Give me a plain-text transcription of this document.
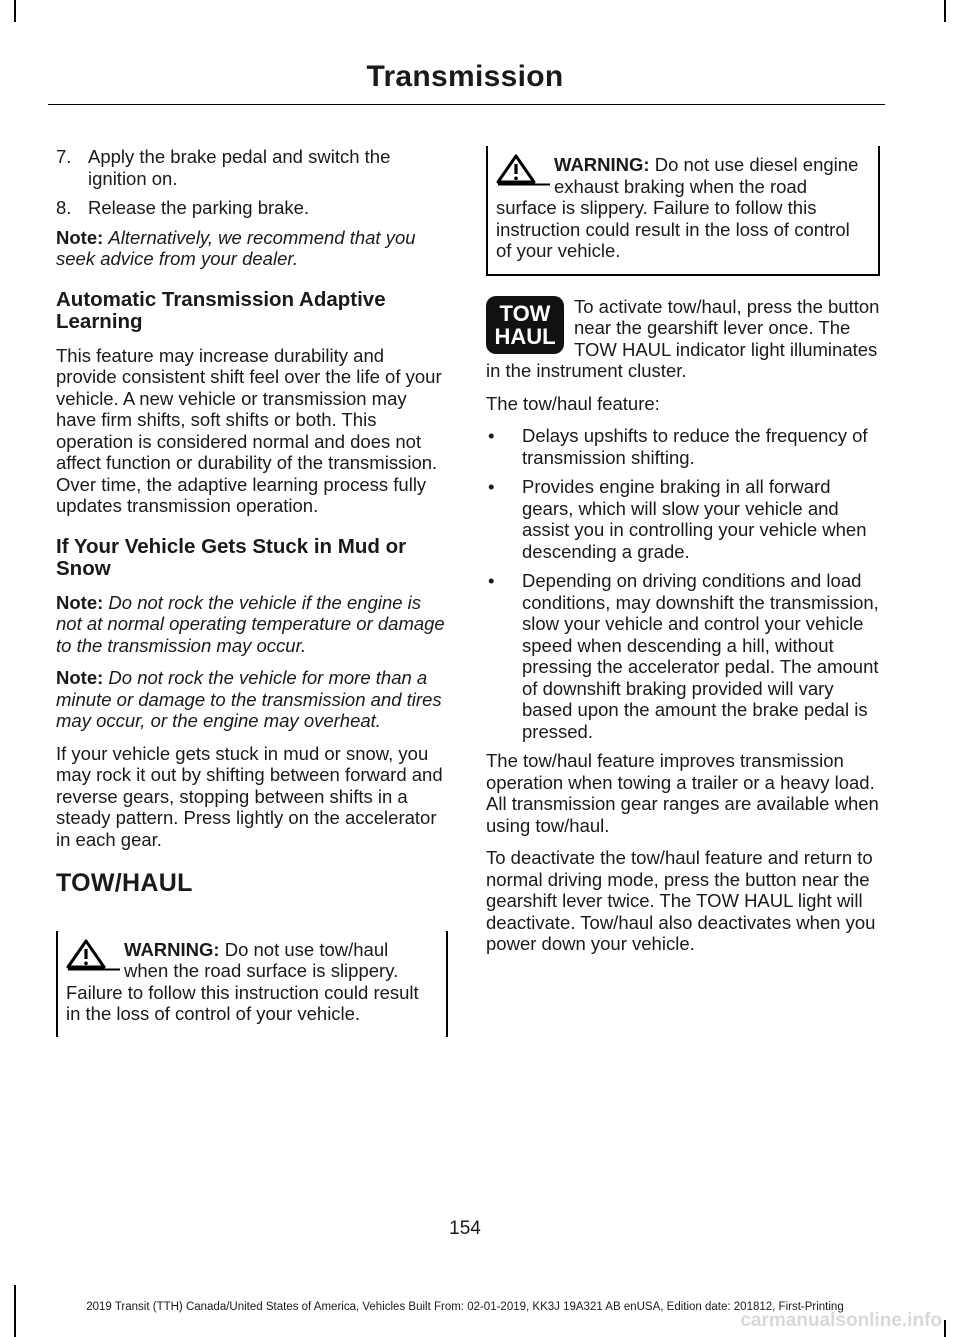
Transmission
7. Apply the brake pedal and switch the ignition on.
8. Release the parking brake.

Note: Alternatively, we recommend that you seek advice from your dealer.

Automatic Transmission Adaptive Learning

This feature may increase durability and provide consistent shift feel over the life of your vehicle. A new vehicle or transmission may have firm shifts, soft shifts or both. This operation is considered normal and does not affect function or durability of the transmission. Over time, the adaptive learning process fully updates transmission operation.

If Your Vehicle Gets Stuck in Mud or Snow

Note: Do not rock the vehicle if the engine is not at normal operating temperature or damage to the transmission may occur.

Note: Do not rock the vehicle for more than a minute or damage to the transmission and tires may occur, or the engine may overheat.

If your vehicle gets stuck in mud or snow, you may rock it out by shifting between forward and reverse gears, stopping between shifts in a steady pattern. Press lightly on the accelerator in each gear.

TOW/HAUL
WARNING: Do not use tow/haul when the road surface is slippery. Failure to follow this instruction could result in the loss of control of your vehicle.
WARNING: Do not use diesel engine exhaust braking when the road surface is slippery. Failure to follow this instruction could result in the loss of control of your vehicle.
TOW
HAUL

To activate tow/haul, press the button near the gearshift lever once. The TOW HAUL indicator light illuminates in the instrument cluster.

The tow/haul feature:

•	Delays upshifts to reduce the frequency of transmission shifting.
•	Provides engine braking in all forward gears, which will slow your vehicle and assist you in controlling your vehicle when descending a grade.
•	Depending on driving conditions and load conditions, may downshift the transmission, slow your vehicle and control your vehicle speed when descending a hill, without pressing the accelerator pedal. The amount of downshift braking provided will vary based upon the amount the brake pedal is pressed.

The tow/haul feature improves transmission operation when towing a trailer or a heavy load. All transmission gear ranges are available when using tow/haul.

To deactivate the tow/haul feature and return to normal driving mode, press the button near the gearshift lever twice. The TOW HAUL light will deactivate. Tow/haul also deactivates when you power down your vehicle.

154
2019 Transit (TTH) Canada/United States of America, Vehicles Built From: 02-01-2019, KK3J 19A321 AB enUSA, Edition date: 201812, First-Printing
carmanualsonline.info
